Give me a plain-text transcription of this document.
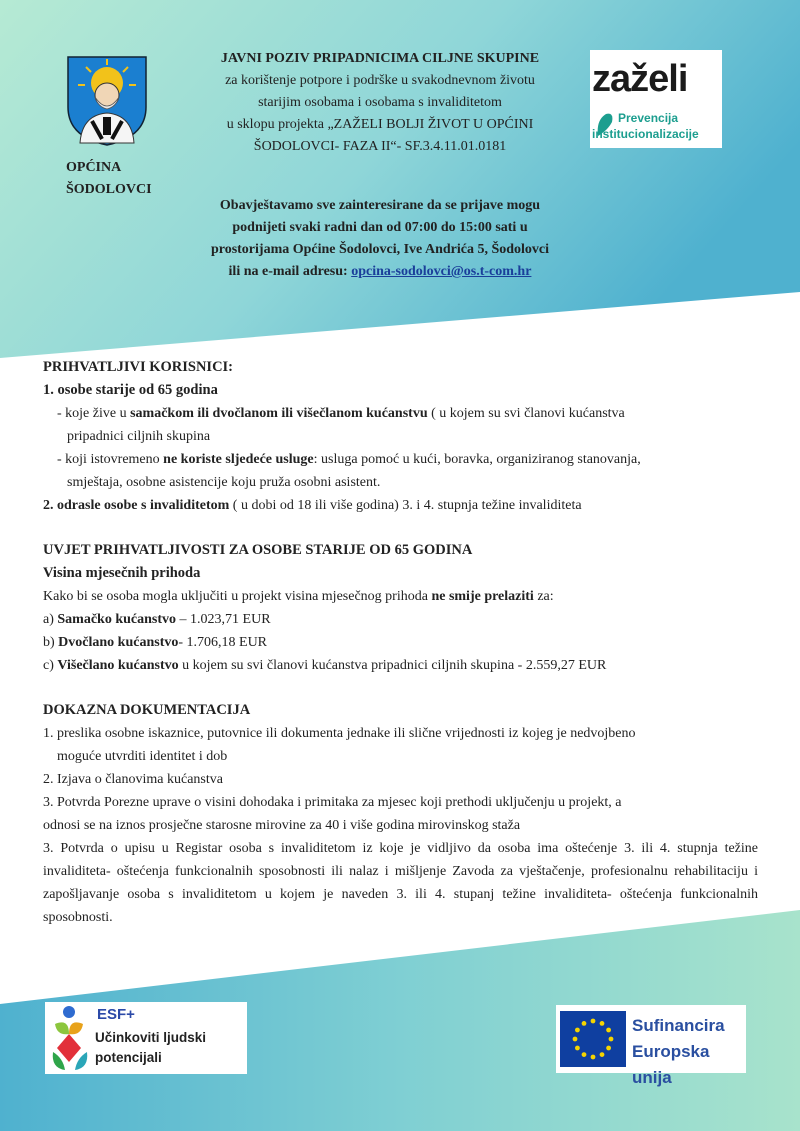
OPĆINA
ŠODOLOVCI
JAVNI POZIV PRIPADNICIMA CILJNE SKUPINE
za korištenje potpore i podrške u svakodnevnom životu
starijim osobama i osobama s invaliditetom
u sklopu projekta „ZAŽELI BOLJI ŽIVOT U OPĆINI
ŠODOLOVCI- FAZA II“- SF.3.4.11.01.0181
Obavještavamo sve zainteresirane da se prijave mogu
podnijeti svaki radni dan od 07:00 do 15:00 sati u
prostorijama Općine Šodolovci, Ive Andrića 5, Šodolovci
ili na e-mail adresu: opcina-sodolovci@os.t-com.hr
zaželi
Prevencija
institucionalizacije

PRIHVATLJIVI KORISNICI:

1. osobe starije od 65 godina

- koje žive u samačkom ili dvočlanom ili višečlanom kućanstvu ( u kojem su svi članovi kućanstva

pripadnici ciljnih skupina

- koji istovremeno ne koriste sljedeće usluge: usluga pomoć u kući, boravka, organiziranog stanovanja,

smještaja, osobne asistencije koju pruža osobni asistent.

2. odrasle osobe s invaliditetom ( u dobi od 18 ili više godina) 3. i 4. stupnja težine invaliditeta

UVJET PRIHVATLJIVOSTI ZA OSOBE STARIJE OD 65 GODINA

Visina mjesečnih prihoda

Kako bi se osoba mogla uključiti u projekt visina mjesečnog prihoda ne smije prelaziti za:

a) Samačko kućanstvo – 1.023,71 EUR

b) Dvočlano kućanstvo- 1.706,18 EUR

c) Višečlano kućanstvo u kojem su svi članovi kućanstva pripadnici ciljnih skupina - 2.559,27 EUR

DOKAZNA DOKUMENTACIJA

1. preslika osobne iskaznice, putovnice ili dokumenta jednake ili slične vrijednosti iz kojeg je nedvojbeno

moguće utvrditi identitet i dob

2. Izjava o članovima kućanstva

3. Potvrda Porezne uprave o visini dohodaka i primitaka za mjesec koji prethodi uključenju u projekt, a

odnosi se na iznos prosječne starosne mirovine za 40 i više godina mirovinskog staža

3. Potvrda o upisu u Registar osoba s invaliditetom iz koje je vidljivo da osoba ima oštećenje 3. ili 4. stupnja težine invaliditeta- oštećenja funkcionalnih sposobnosti ili nalaz i mišljenje Zavoda za vještačenje, profesionalnu rehabilitaciju i zapošljavanje osoba s invaliditetom u kojem je naveden 3. ili 4. stupanj težine invaliditeta- oštećenja funkcionalnih sposobnosti.

ESF+
Učinkoviti ljudski
potencijali
Sufinancira
Europska unija
